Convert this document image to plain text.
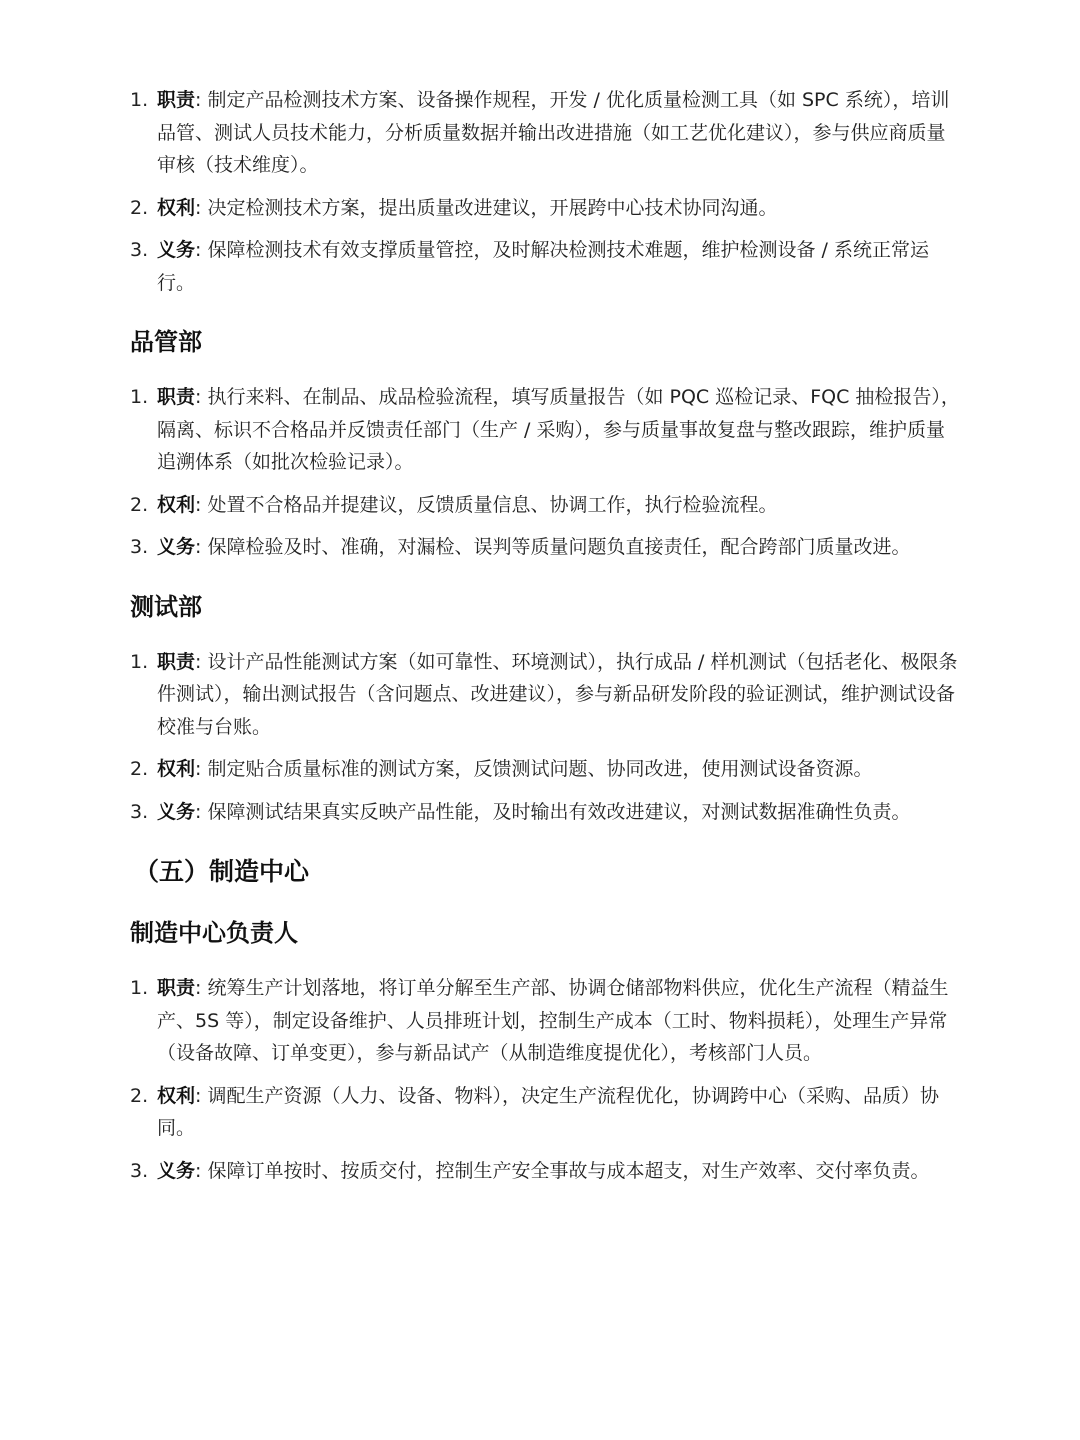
1. 职责: 制定产品检测技术方案、设备操作规程，开发 / 优化质量检测工具（如 SPC 系统），培训品管、测试人员技术能力，分析质量数据并输出改进措施（如工艺优化建议），参与供应商质量审核（技术维度）。
2. 权利: 决定检测技术方案，提出质量改进建议，开展跨中心技术协同沟通。
3. 义务: 保障检测技术有效支撑质量管控，及时解决检测技术难题，维护检测设备 / 系统正常运行。
品管部
1. 职责: 执行来料、在制品、成品检验流程，填写质量报告（如 PQC 巡检记录、FQC 抽检报告），隔离、标识不合格品并反馈责任部门（生产 / 采购），参与质量事故复盘与整改跟踪，维护质量追溯体系（如批次检验记录）。
2. 权利: 处置不合格品并提建议，反馈质量信息、协调工作，执行检验流程。
3. 义务: 保障检验及时、准确，对漏检、误判等质量问题负直接责任，配合跨部门质量改进。
测试部
1. 职责: 设计产品性能测试方案（如可靠性、环境测试），执行成品 / 样机测试（包括老化、极限条件测试），输出测试报告（含问题点、改进建议），参与新品研发阶段的验证测试，维护测试设备校准与台账。
2. 权利: 制定贴合质量标准的测试方案，反馈测试问题、协同改进，使用测试设备资源。
3. 义务: 保障测试结果真实反映产品性能，及时输出有效改进建议，对测试数据准确性负责。
（五）制造中心
制造中心负责人
1. 职责: 统筹生产计划落地，将订单分解至生产部、协调仓储部物料供应，优化生产流程（精益生产、5S 等），制定设备维护、人员排班计划，控制生产成本（工时、物料损耗），处理生产异常（设备故障、订单变更），参与新品试产（从制造维度提优化），考核部门人员。
2. 权利: 调配生产资源（人力、设备、物料），决定生产流程优化，协调跨中心（采购、品质）协同。
3. 义务: 保障订单按时、按质交付，控制生产安全事故与成本超支，对生产效率、交付率负责。
